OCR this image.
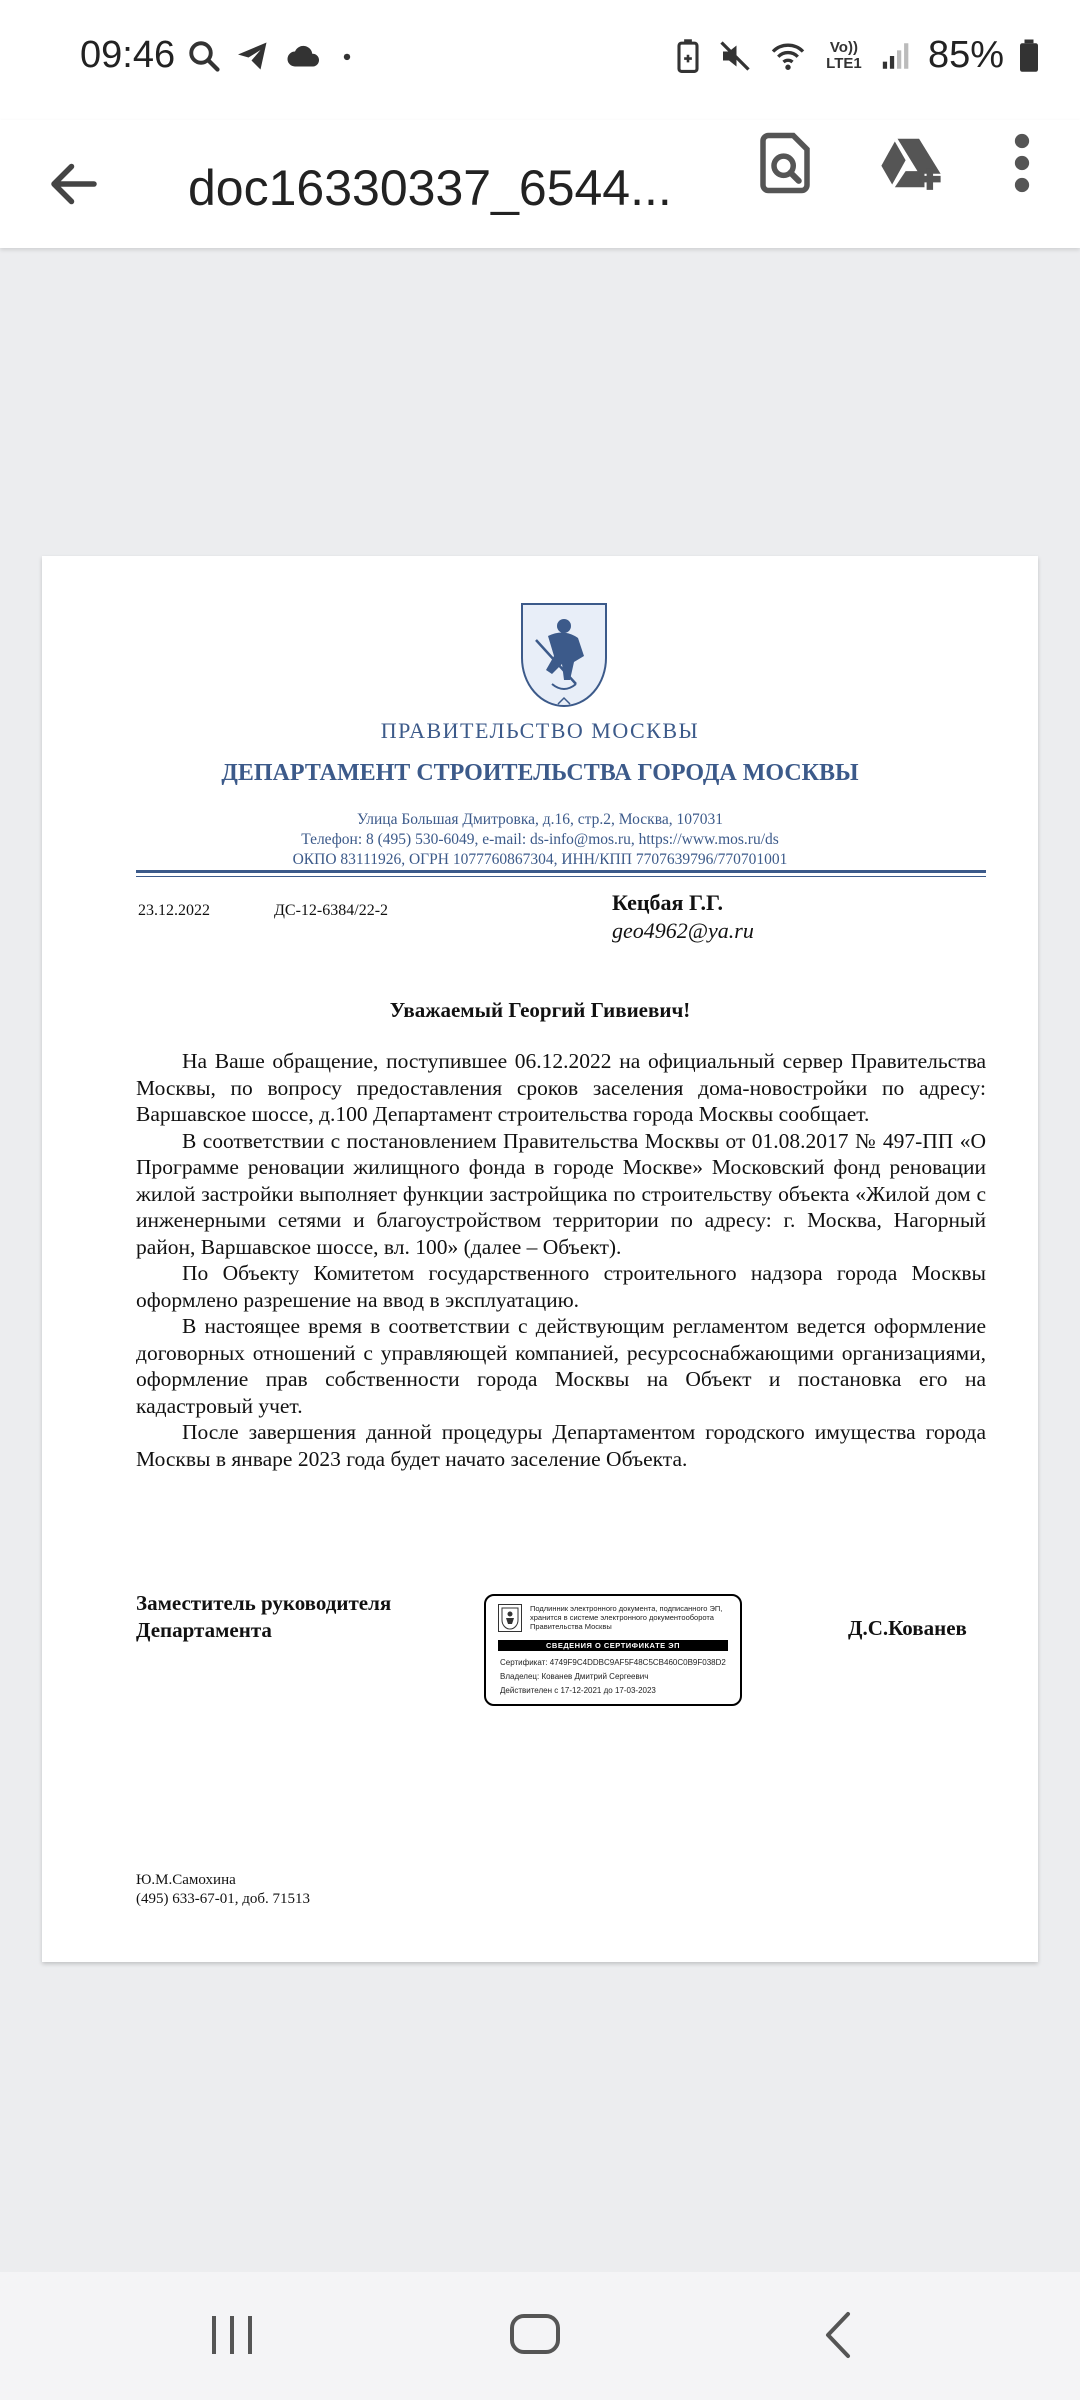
09:46	Vo)) LTE1 85%
doc16330337_6544...
ПРАВИТЕЛЬСТВО МОСКВЫ
ДЕПАРТАМЕНТ СТРОИТЕЛЬСТВА ГОРОДА МОСКВЫ
Улица Большая Дмитровка, д.16, стр.2, Москва, 107031
Телефон: 8 (495) 530-6049, e-mail: ds-info@mos.ru, https://www.mos.ru/ds
ОКПО 83111926, ОГРН 1077760867304, ИНН/КПП 7707639796/770701001
23.12.2022	ДС-12-6384/22-2	Кецбая Г.Г.
geo4962@ya.ru
Уважаемый Георгий Гивиевич!

На Ваше обращение, поступившее 06.12.2022 на официальный сервер Правительства Москвы, по вопросу предоставления сроков заселения дома-новостройки по адресу: Варшавское шоссе, д.100 Департамент строительства города Москвы сообщает.

В соответствии с постановлением Правительства Москвы от 01.08.2017 № 497-ПП «О Программе реновации жилищного фонда в городе Москве» Московский фонд реновации жилой застройки выполняет функции застройщика по строительству объекта «Жилой дом с инженерными сетями и благоустройством территории по адресу: г. Москва, Нагорный район, Варшавское шоссе, вл. 100» (далее – Объект).

По Объекту Комитетом государственного строительного надзора города Москвы оформлено разрешение на ввод в эксплуатацию.

В настоящее время в соответствии с действующим регламентом ведется оформление договорных отношений с управляющей компанией, ресурсоснабжающими организациями, оформление прав собственности города Москвы на Объект и постановка его на кадастровый учет.

После завершения данной процедуры Департаментом городского имущества города Москвы в январе 2023 года будет начато заселение Объекта.

Заместитель руководителя
Департамента
Подлинник электронного документа, подписанного ЭП, хранится в системе электронного документооборота Правительства Москвы
СВЕДЕНИЯ О СЕРТИФИКАТЕ ЭП
Сертификат: 4749F9C4DDBC9AF5F48C5CB460C0B9F038D2
Владелец: Кованев Дмитрий Сергеевич
Действителен с 17-12-2021 до 17-03-2023
Д.С.Кованев
Ю.М.Самохина
(495) 633-67-01, доб. 71513
